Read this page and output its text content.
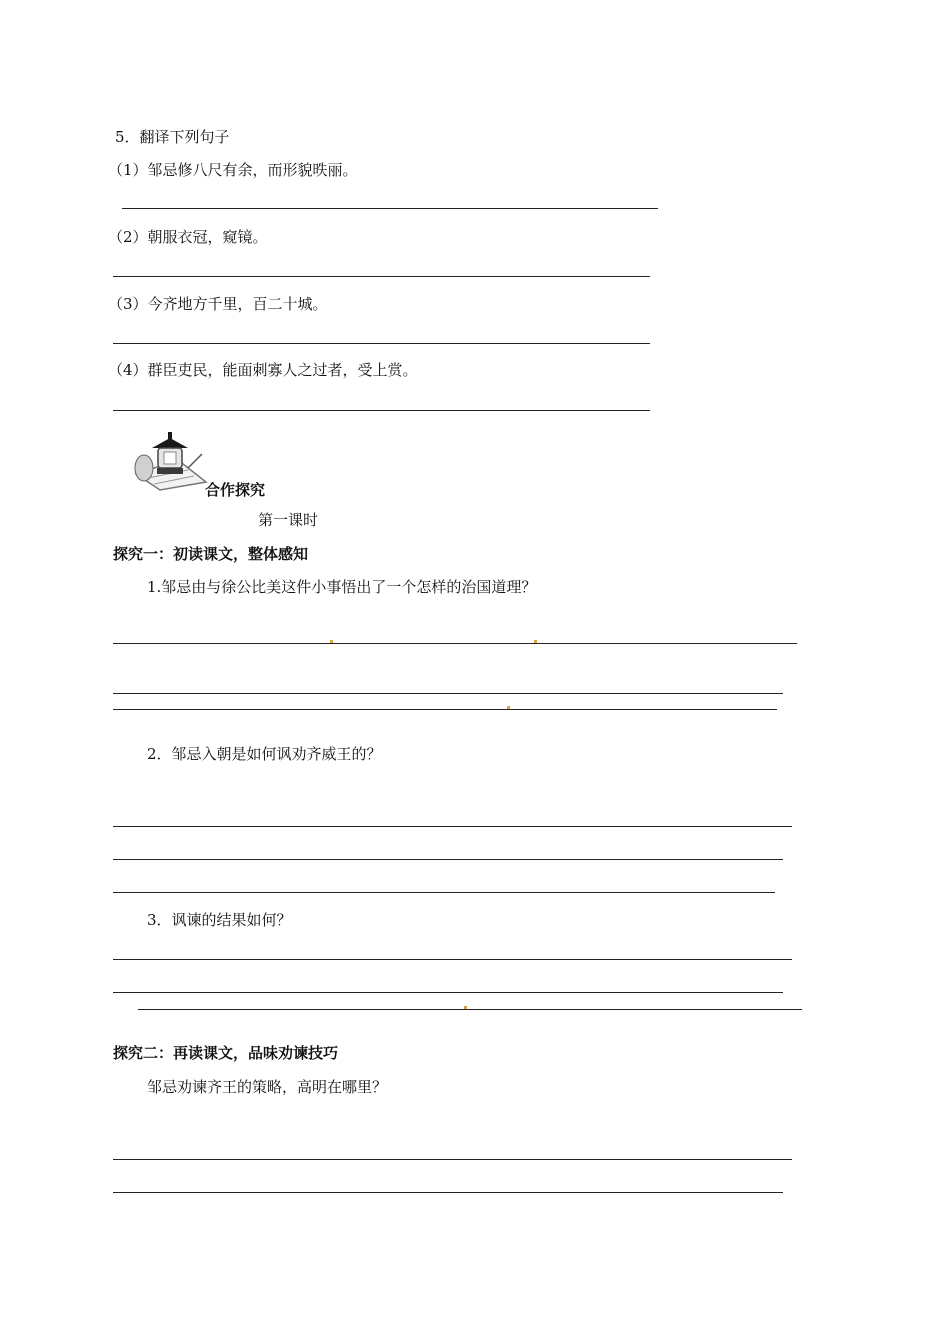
5．翻译下列句子
（1）邹忌修八尺有余，而形貌昳丽。
（2）朝服衣冠，窥镜。
（3）今齐地方千里，百二十城。
（4）群臣吏民，能面刺寡人之过者，受上赏。
合作探究
第一课时
探究一：初读课文，整体感知
1.邹忌由与徐公比美这件小事悟出了一个怎样的治国道理？
2．邹忌入朝是如何讽劝齐威王的？
3．讽谏的结果如何？
探究二：再读课文，品味劝谏技巧
邹忌劝谏齐王的策略，高明在哪里？
